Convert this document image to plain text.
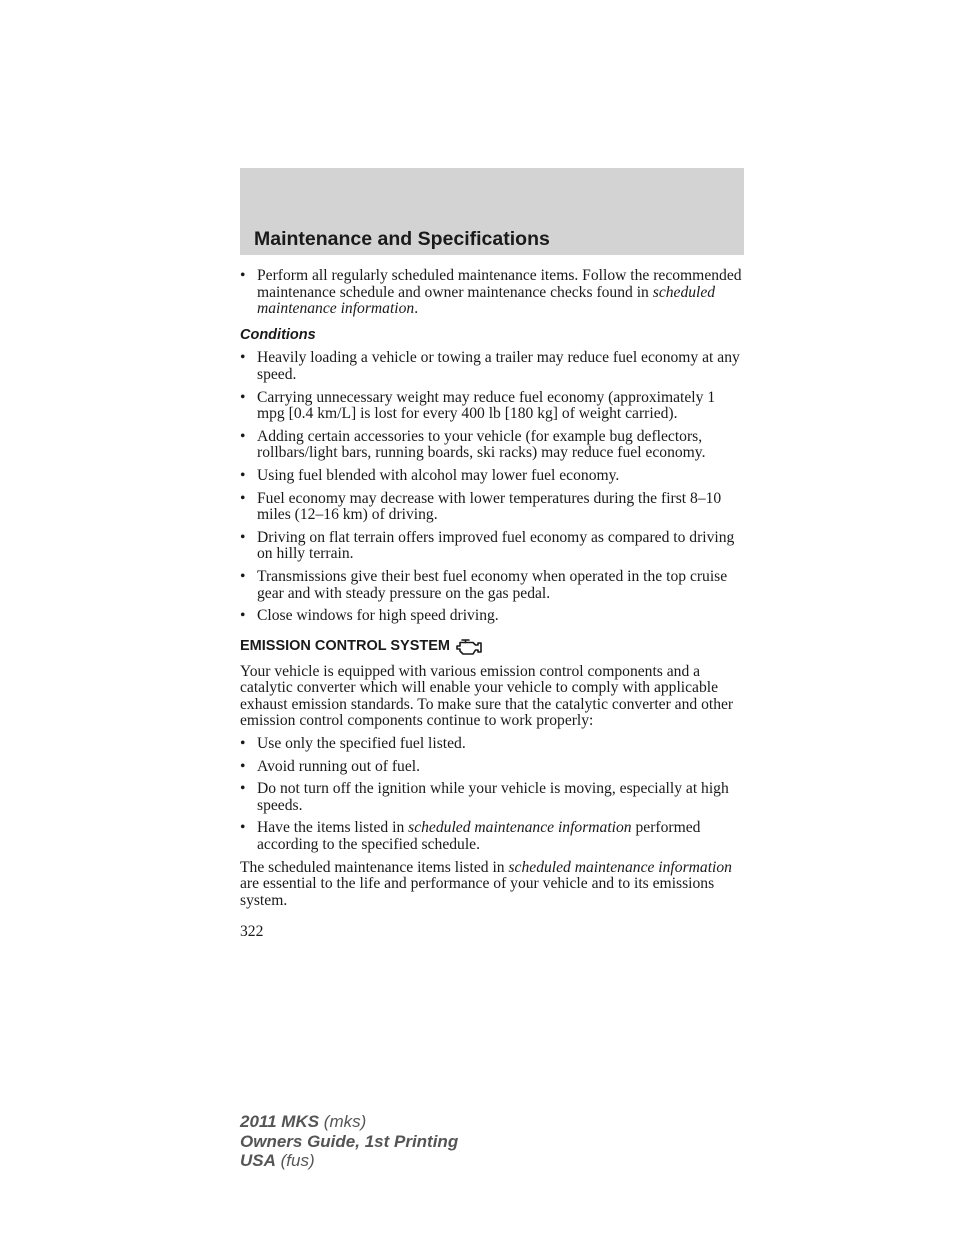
Maintenance and Specifications
• Perform all regularly scheduled maintenance items. Follow the recommended maintenance schedule and owner maintenance checks found in scheduled maintenance information.
Conditions
• Heavily loading a vehicle or towing a trailer may reduce fuel economy at any speed.
• Carrying unnecessary weight may reduce fuel economy (approximately 1 mpg [0.4 km/L] is lost for every 400 lb [180 kg] of weight carried).
• Adding certain accessories to your vehicle (for example bug deflectors, rollbars/light bars, running boards, ski racks) may reduce fuel economy.
• Using fuel blended with alcohol may lower fuel economy.
• Fuel economy may decrease with lower temperatures during the first 8–10 miles (12–16 km) of driving.
• Driving on flat terrain offers improved fuel economy as compared to driving on hilly terrain.
• Transmissions give their best fuel economy when operated in the top cruise gear and with steady pressure on the gas pedal.
• Close windows for high speed driving.
EMISSION CONTROL SYSTEM

Your vehicle is equipped with various emission control components and a catalytic converter which will enable your vehicle to comply with applicable exhaust emission standards. To make sure that the catalytic converter and other emission control components continue to work properly:

• Use only the specified fuel listed.
• Avoid running out of fuel.
• Do not turn off the ignition while your vehicle is moving, especially at high speeds.
• Have the items listed in scheduled maintenance information performed according to the specified schedule.

The scheduled maintenance items listed in scheduled maintenance information are essential to the life and performance of your vehicle and to its emissions system.

322
2011 MKS (mks)
Owners Guide, 1st Printing
USA (fus)
